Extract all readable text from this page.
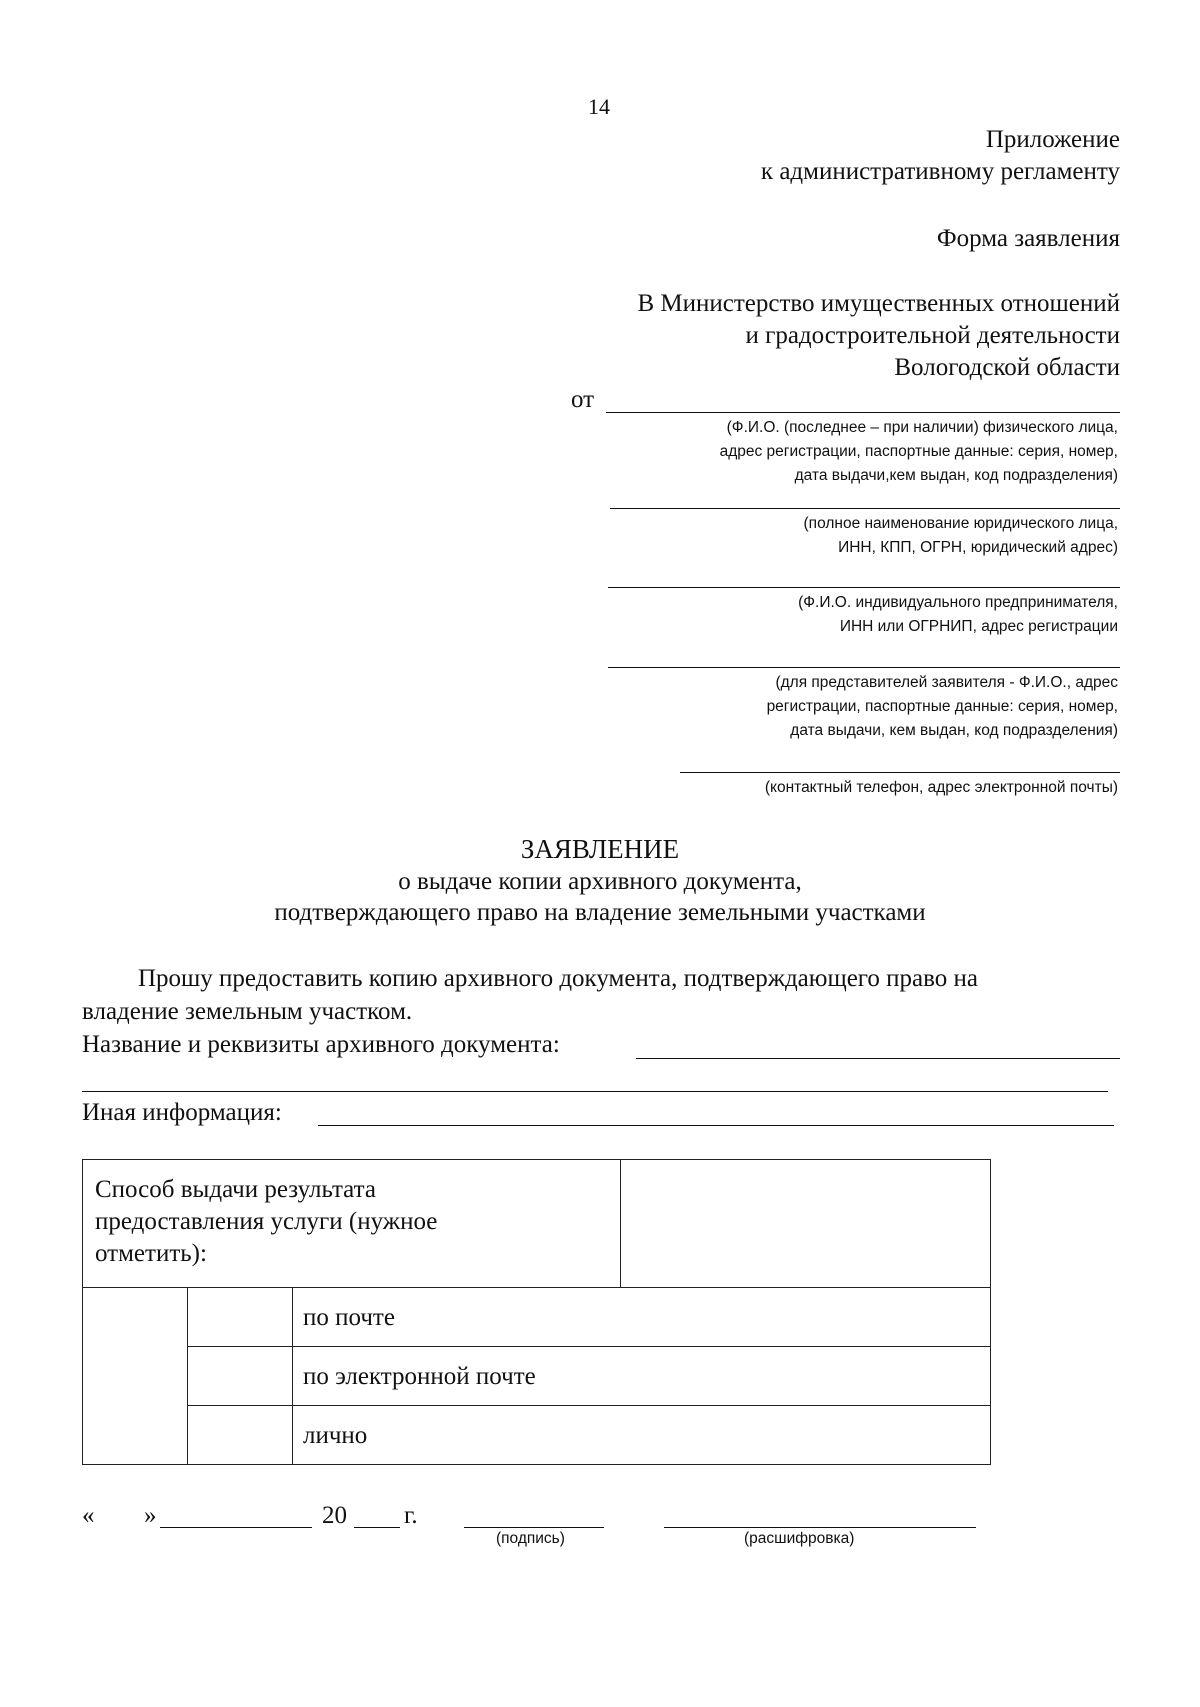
14
Приложение
к административному регламенту
Форма заявления
В Министерство имущественных отношений
и градостроительной деятельности
Вологодской области
от
(Ф.И.О. (последнее – при наличии) физического лица,
адрес регистрации, паспортные данные: серия, номер,
дата выдачи,кем выдан, код подразделения)
(полное наименование юридического лица,
ИНН, КПП, ОГРН, юридический адрес)
(Ф.И.О. индивидуального предпринимателя,
ИНН или ОГРНИП, адрес регистрации
(для представителей заявителя - Ф.И.О., адрес
регистрации, паспортные данные: серия, номер,
дата выдачи, кем выдан, код подразделения)
(контактный телефон, адрес электронной почты)
ЗАЯВЛЕНИЕ
о выдаче копии архивного документа,
подтверждающего право на владение земельными участками
Прошу предоставить копию архивного документа, подтверждающего право на
владение земельным участком.
Название и реквизиты архивного документа:
Иная информация:
Способ выдачи результата
предоставления услуги (нужное
отметить):			

		по почте	

		по электронной почте	

		лично	
« »	20 г.
(подпись)	(расшифровка)
